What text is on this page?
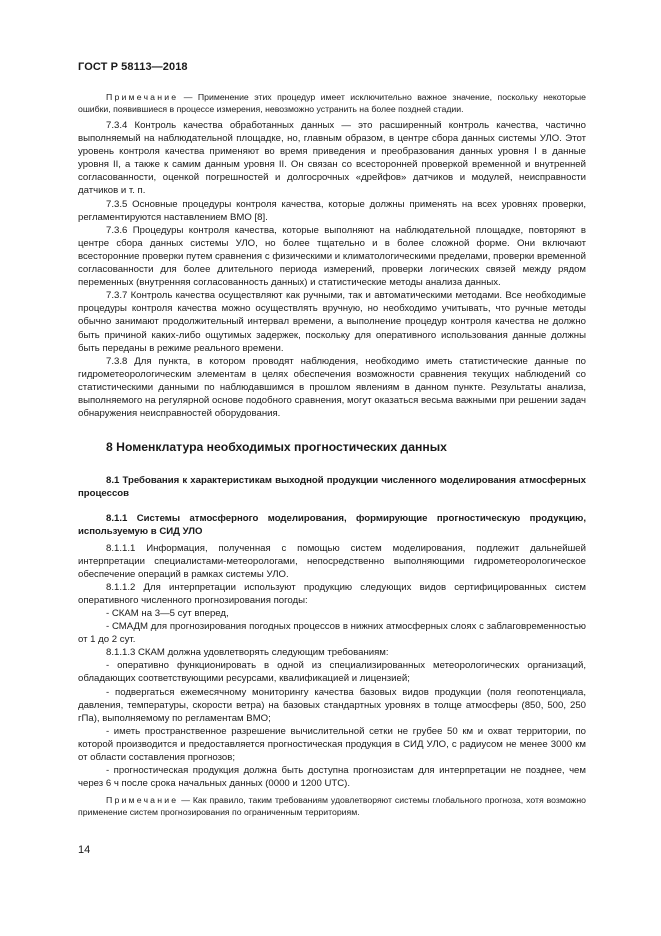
ГОСТ Р 58113—2018

Примечание — Применение этих процедур имеет исключительно важное значение, поскольку некоторые ошибки, появившиеся в процессе измерения, невозможно устранить на более поздней стадии.

7.3.4 Контроль качества обработанных данных — это расширенный контроль качества, частично выполняемый на наблюдательной площадке, но, главным образом, в центре сбора данных системы УЛО. Этот уровень контроля качества применяют во время приведения и преобразования данных уровня I в данные уровня II, а также к самим данным уровня II. Он связан со всесторонней проверкой временной и внутренней согласованности, оценкой погрешностей и долгосрочных «дрейфов» датчиков и модулей, неисправности датчиков и т. п.

7.3.5 Основные процедуры контроля качества, которые должны применять на всех уровнях проверки, регламентируются наставлением ВМО [8].

7.3.6 Процедуры контроля качества, которые выполняют на наблюдательной площадке, повторяют в центре сбора данных системы УЛО, но более тщательно и в более сложной форме. Они включают всесторонние проверки путем сравнения с физическими и климатологическими пределами, проверки временной согласованности для более длительного периода измерений, проверки логических связей между рядом переменных (внутренняя согласованность данных) и статистические методы анализа данных.

7.3.7 Контроль качества осуществляют как ручными, так и автоматическими методами. Все необходимые процедуры контроля качества можно осуществлять вручную, но необходимо учитывать, что ручные методы обычно занимают продолжительный интервал времени, а выполнение процедур контроля качества не должно быть причиной каких-либо ощутимых задержек, поскольку для оперативного использования данные должны быть переданы в режиме реального времени.

7.3.8 Для пункта, в котором проводят наблюдения, необходимо иметь статистические данные по гидрометеорологическим элементам в целях обеспечения возможности сравнения текущих наблюдений со статистическими данными по наблюдавшимся в прошлом явлениям в данном пункте. Результаты анализа, выполняемого на регулярной основе подобного сравнения, могут оказаться весьма важными при решении задач обнаружения неисправностей оборудования.

8 Номенклатура необходимых прогностических данных

8.1 Требования к характеристикам выходной продукции численного моделирования атмосферных процессов

8.1.1 Системы атмосферного моделирования, формирующие прогностическую продукцию, используемую в СИД УЛО

8.1.1.1 Информация, полученная с помощью систем моделирования, подлежит дальнейшей интерпретации специалистами-метеорологами, непосредственно выполняющими гидрометеорологическое обеспечение операций в рамках системы УЛО.

8.1.1.2 Для интерпретации используют продукцию следующих видов сертифицированных систем оперативного численного прогнозирования погоды:

- СКАМ на 3—5 сут вперед,

- СМАДМ для прогнозирования погодных процессов в нижних атмосферных слоях с заблаговременностью от 1 до 2 сут.

8.1.1.3 СКАМ должна удовлетворять следующим требованиям:

- оперативно функционировать в одной из специализированных метеорологических организаций, обладающих соответствующими ресурсами, квалификацией и лицензией;

- подвергаться ежемесячному мониторингу качества базовых видов продукции (поля геопотенциала, давления, температуры, скорости ветра) на базовых стандартных уровнях в толще атмосферы (850, 500, 250 гПа), выполняемому по регламентам ВМО;

- иметь пространственное разрешение вычислительной сетки не грубее 50 км и охват территории, по которой производится и предоставляется прогностическая продукция в СИД УЛО, с радиусом не менее 3000 км от области составления прогнозов;

- прогностическая продукция должна быть доступна прогнозистам для интерпретации не позднее, чем через 6 ч после срока начальных данных (0000 и 1200 UTC).

Примечание — Как правило, таким требованиям удовлетворяют системы глобального прогноза, хотя возможно применение систем прогнозирования по ограниченным территориям.

14
